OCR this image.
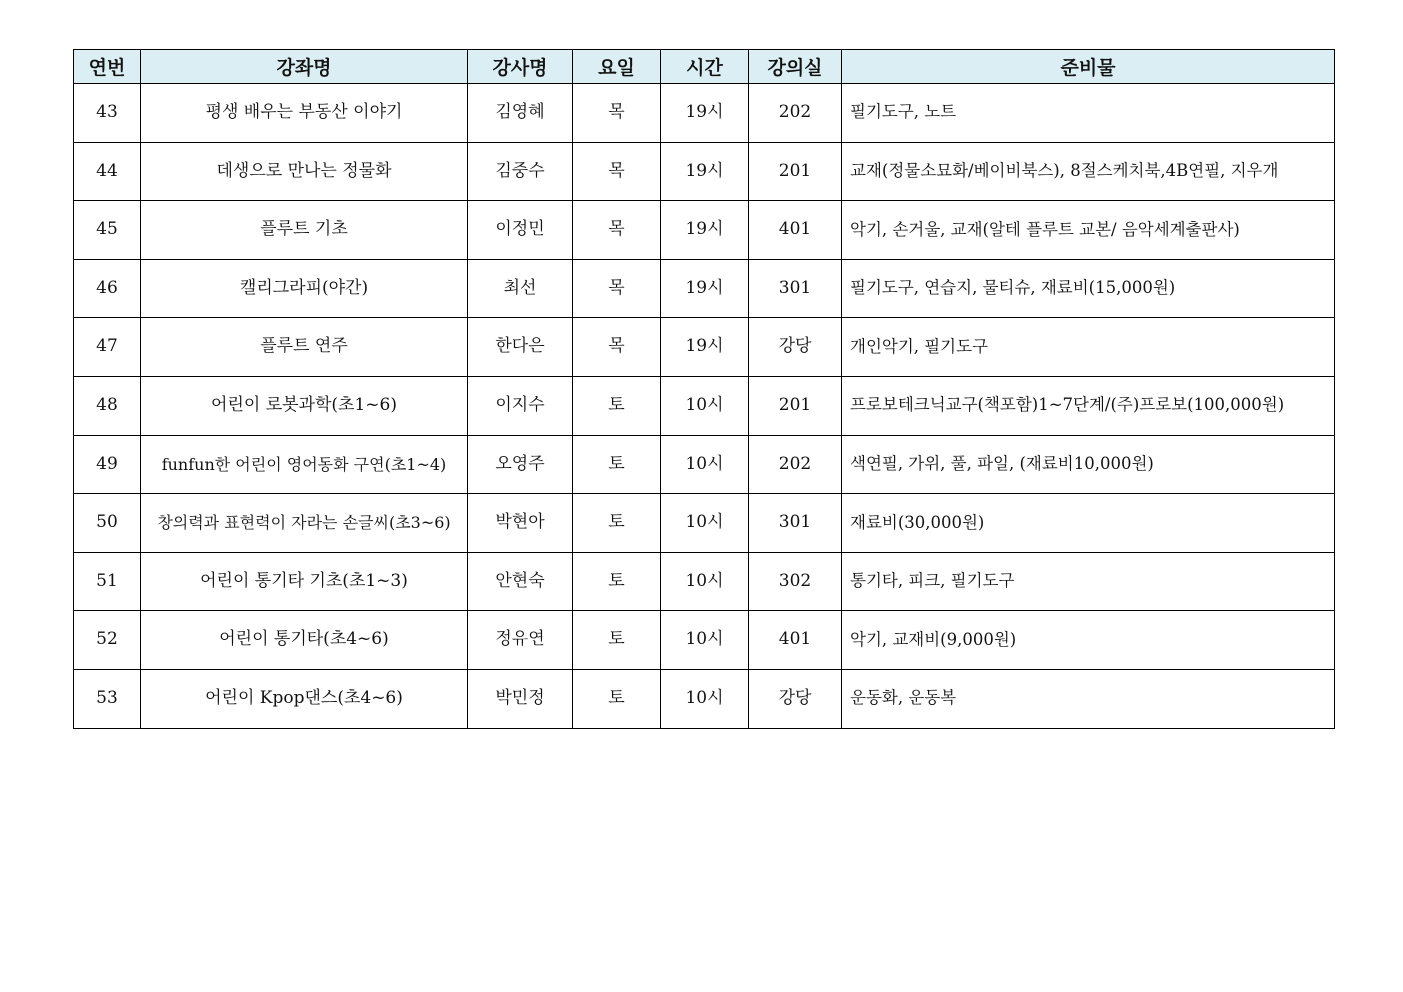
연번	강좌명	강사명	요일	시간	강의실	준비물
43	평생 배우는 부동산 이야기	김영혜	목	19시	202	필기도구, 노트
44	데생으로 만나는 정물화	김중수	목	19시	201	교재(정물소묘화/베이비북스), 8절스케치북,4B연필, 지우개
45	플루트 기초	이정민	목	19시	401	악기, 손거울, 교재(알테 플루트 교본/ 음악세계출판사)
46	캘리그라피(야간)	최선	목	19시	301	필기도구, 연습지, 물티슈, 재료비(15,000원)
47	플루트 연주	한다은	목	19시	강당	개인악기, 필기도구
48	어린이 로봇과학(초1~6)	이지수	토	10시	201	프로보테크닉교구(책포함)1~7단계/(주)프로보(100,000원)
49	funfun한 어린이 영어동화 구연(초1~4)	오영주	토	10시	202	색연필, 가위, 풀, 파일, (재료비10,000원)
50	창의력과 표현력이 자라는 손글씨(초3~6)	박현아	토	10시	301	재료비(30,000원)
51	어린이 통기타 기초(초1~3)	안현숙	토	10시	302	통기타, 피크, 필기도구
52	어린이 통기타(초4~6)	정유연	토	10시	401	악기, 교재비(9,000원)
53	어린이 Kpop댄스(초4~6)	박민정	토	10시	강당	운동화, 운동복
